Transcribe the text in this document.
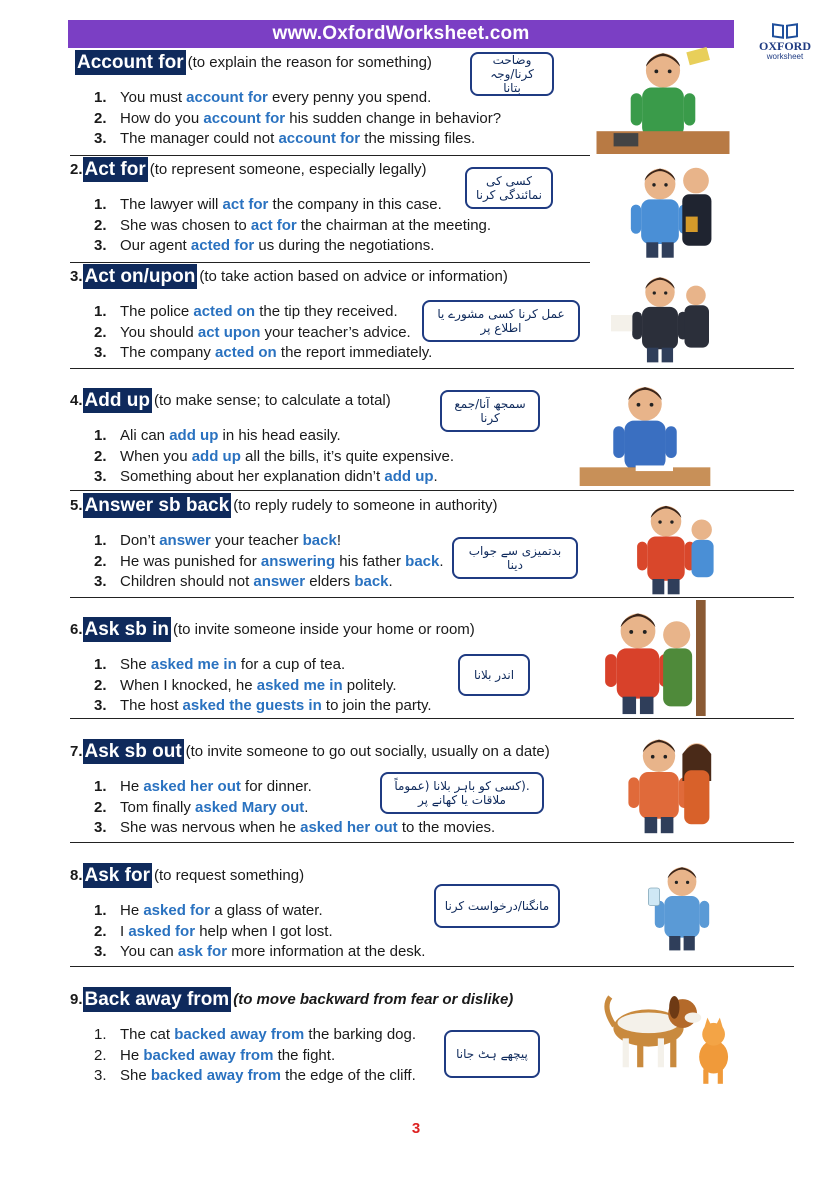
www.OxfordWorksheet.com
OXFORD
worksheet
Account for (to explain the reason for something)
1. You must account for every penny you spend.
2. How do you account for his sudden change in behavior?
3. The manager could not account for the missing files.
وضاحت کرنا/وجہ بتانا
2. Act for (to represent someone, especially legally)
1. The lawyer will act for the company in this case.
2. She was chosen to act for the chairman at the meeting.
3. Our agent acted for us during the negotiations.
کسی کی نمائندگی کرنا
3. Act on/upon (to take action based on advice or information)
1. The police acted on the tip they received.
2. You should act upon your teacher’s advice.
3. The company acted on the report immediately.
عمل کرنا کسی مشورے یا اطلاع پر
4. Add up (to make sense; to calculate a total)
1. Ali can add up in his head easily.
2. When you add up all the bills, it’s quite expensive.
3. Something about her explanation didn’t add up.
سمجھ آنا/جمع کرنا
5. Answer sb back (to reply rudely to someone in authority)
1. Don’t answer your teacher back!
2. He was punished for answering his father back.
3. Children should not answer elders back.
بدتمیزی سے جواب دینا
6. Ask sb in (to invite someone inside your home or room)
1. She asked me in for a cup of tea.
2. When I knocked, he asked me in politely.
3. The host asked the guests in to join the party.
اندر بلانا
7. Ask sb out (to invite someone to go out socially, usually on a date)
1. He asked her out for dinner.
2. Tom finally asked Mary out.
3. She was nervous when he asked her out to the movies.
.(کسی کو باہر بلانا (عموماً ملاقات یا کھانے پر
8. Ask for (to request something)
1. He asked for a glass of water.
2. I asked for help when I got lost.
3. You can ask for more information at the desk.
مانگنا/درخواست کرنا
9. Back away from (to move backward from fear or dislike)
1. The cat backed away from the barking dog.
2. He backed away from the fight.
3. She backed away from the edge of the cliff.
پیچھے ہٹ جانا
3
